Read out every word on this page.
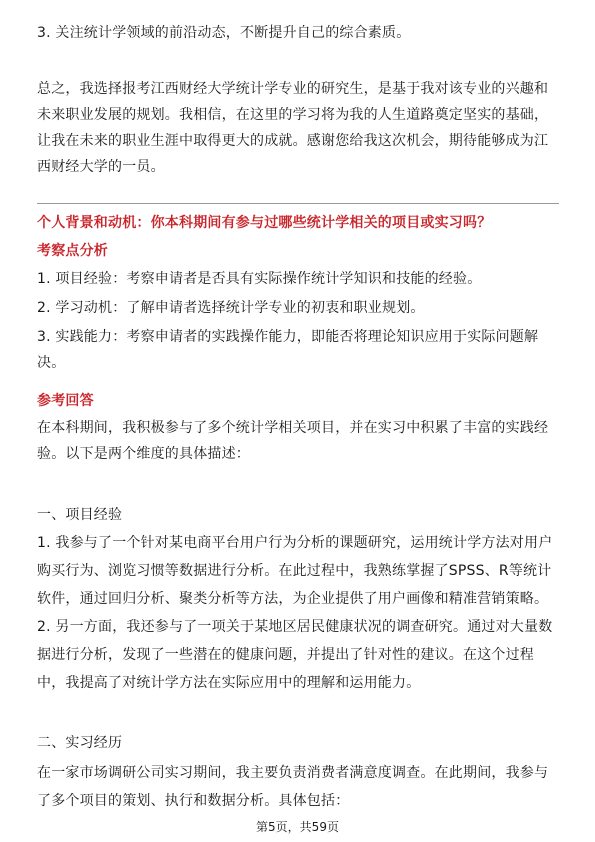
3. 关注统计学领域的前沿动态，不断提升自己的综合素质。

总之，我选择报考江西财经大学统计学专业的研究生，是基于我对该专业的兴趣和

未来职业发展的规划。我相信，在这里的学习将为我的人生道路奠定坚实的基础，

让我在未来的职业生涯中取得更大的成就。感谢您给我这次机会，期待能够成为江

西财经大学的一员。

个人背景和动机：你本科期间有参与过哪些统计学相关的项目或实习吗？

考察点分析

1. 项目经验：考察申请者是否具有实际操作统计学知识和技能的经验。

2. 学习动机：了解申请者选择统计学专业的初衷和职业规划。

3. 实践能力：考察申请者的实践操作能力，即能否将理论知识应用于实际问题解

决。

参考回答

在本科期间，我积极参与了多个统计学相关项目，并在实习中积累了丰富的实践经

验。以下是两个维度的具体描述：

一、项目经验

1. 我参与了一个针对某电商平台用户行为分析的课题研究，运用统计学方法对用户

购买行为、浏览习惯等数据进行分析。在此过程中，我熟练掌握了SPSS、R等统计

软件，通过回归分析、聚类分析等方法，为企业提供了用户画像和精准营销策略。

2. 另一方面，我还参与了一项关于某地区居民健康状况的调查研究。通过对大量数

据进行分析，发现了一些潜在的健康问题，并提出了针对性的建议。在这个过程

中，我提高了对统计学方法在实际应用中的理解和运用能力。

二、实习经历

在一家市场调研公司实习期间，我主要负责消费者满意度调查。在此期间，我参与

了多个项目的策划、执行和数据分析。具体包括：

第5页，共59页
